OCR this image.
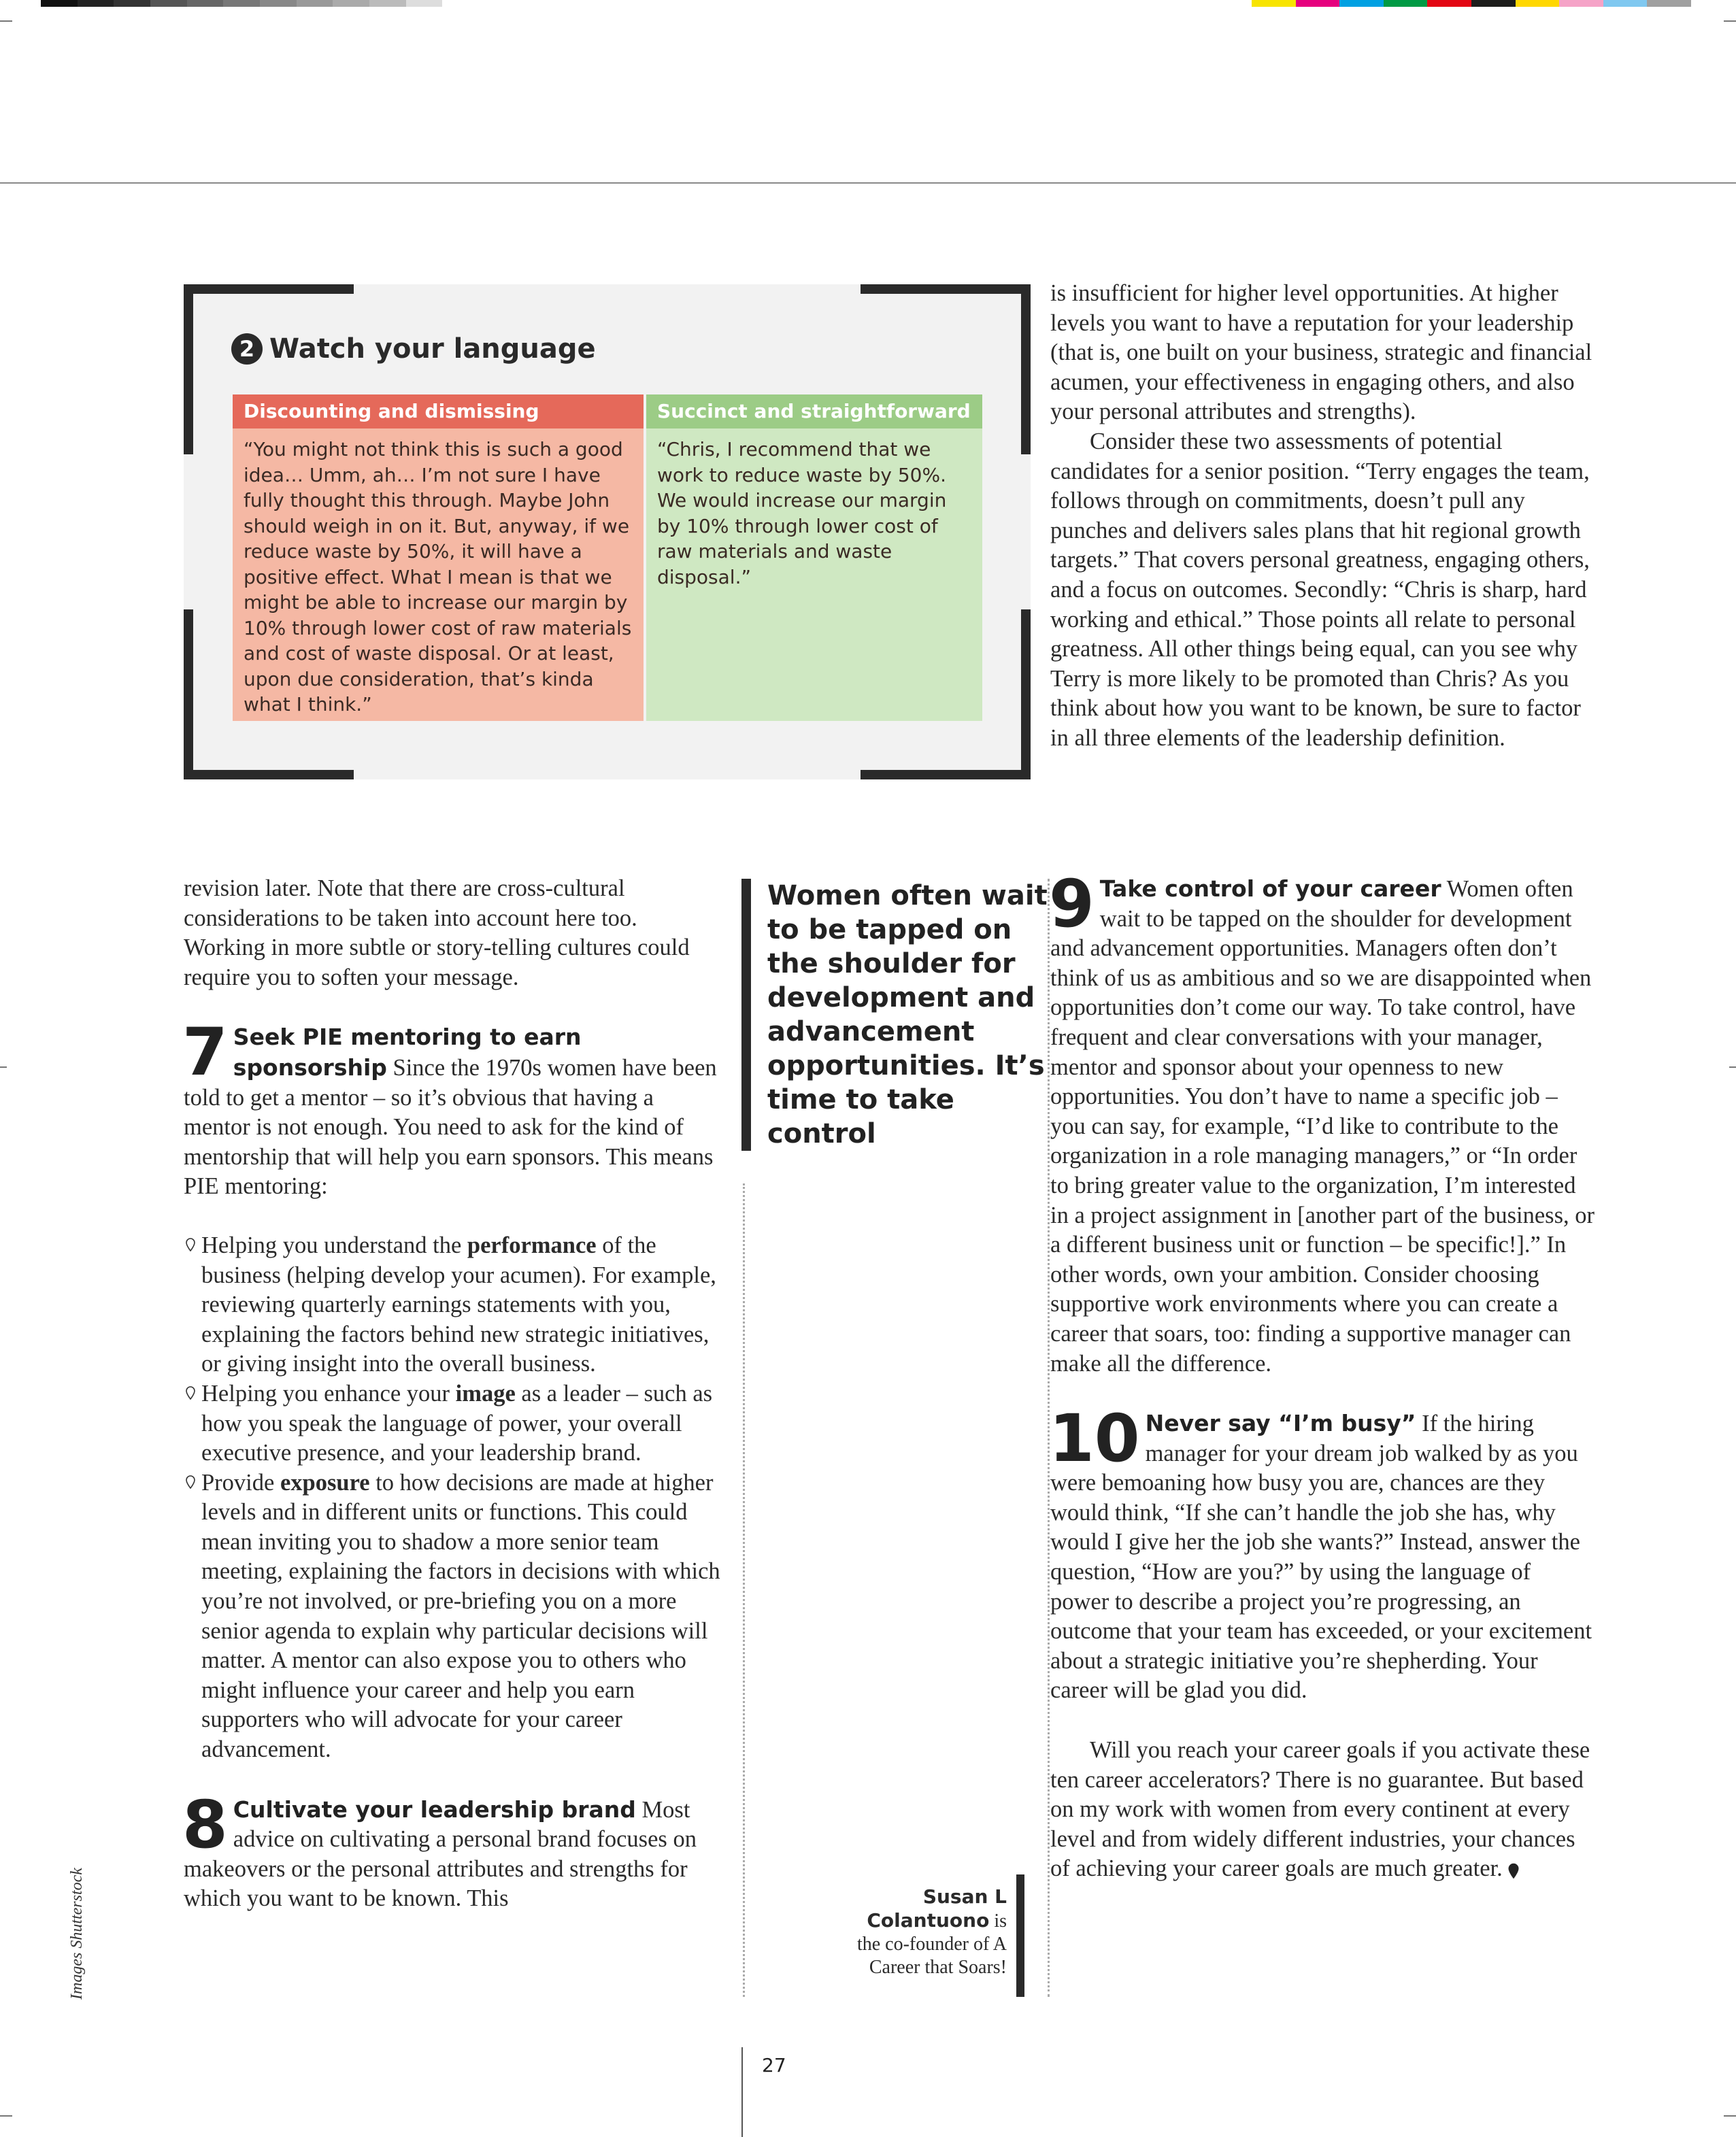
2 Watch your language
Discounting and dismissing
“You might not think this is such a good idea… Umm, ah… I’m not sure I have fully thought this through. Maybe John should weigh in on it. But, anyway, if we reduce waste by 50%, it will have a positive effect. What I mean is that we might be able to increase our margin by 10% through lower cost of raw materials and cost of waste disposal. Or at least, upon due consideration, that’s kinda what I think.”
Succinct and straightforward
“Chris, I recommend that we work to reduce waste by 50%. We would increase our margin by 10% through lower cost of raw materials and waste disposal.”

is insufficient for higher level opportunities. At higher levels you want to have a reputation for your leadership (that is, one built on your business, strategic and financial acumen, your effectiveness in engaging others, and also your personal attributes and strengths).

Consider these two assessments of potential candidates for a senior position. “Terry engages the team, follows through on commitments, doesn’t pull any punches and delivers sales plans that hit regional growth targets.” That covers personal greatness, engaging others, and a focus on outcomes. Secondly: “Chris is sharp, hard working and ethical.” Those points all relate to personal greatness. All other things being equal, can you see why Terry is more likely to be promoted than Chris? As you think about how you want to be known, be sure to factor in all three elements of the leadership definition.

revision later. Note that there are cross-cultural considerations to be taken into account here too. Working in more subtle or story-telling cultures could require you to soften your message.

7 Seek PIE mentoring to earn sponsorship Since the 1970s women have been told to get a mentor – so it’s obvious that having a mentor is not enough. You need to ask for the kind of mentorship that will help you earn sponsors. This means PIE mentoring:
Helping you understand the performance of the business (helping develop your acumen). For example, reviewing quarterly earnings statements with you, explaining the factors behind new strategic initiatives, or giving insight into the overall business.
Helping you enhance your image as a leader – such as how you speak the language of power, your overall executive presence, and your leadership brand.
Provide exposure to how decisions are made at higher levels and in different units or functions. This could mean inviting you to shadow a more senior team meeting, explaining the factors in decisions with which you’re not involved, or pre-briefing you on a more senior agenda to explain why particular decisions will matter. A mentor can also expose you to others who might influence your career and help you earn supporters who will advocate for your career advancement.
8 Cultivate your leadership brand Most advice on cultivating a personal brand focuses on makeovers or the personal attributes and strengths for which you want to be known. This
Images Shutterstock
Women often wait to be tapped on the shoulder for development and advancement opportunities. It’s time to take control
Susan L Colantuono is the co-founder of A Career that Soars!
9 Take control of your career Women often wait to be tapped on the shoulder for development and advancement opportunities. Managers often don’t think of us as ambitious and so we are disappointed when opportunities don’t come our way. To take control, have frequent and clear conversations with your manager, mentor and sponsor about your openness to new opportunities. You don’t have to name a specific job – you can say, for example, “I’d like to contribute to the organization in a role managing managers,” or “In order to bring greater value to the organization, I’m interested in a project assignment in [another part of the business, or a different business unit or function – be specific!].” In other words, own your ambition. Consider choosing supportive work environments where you can create a career that soars, too: finding a supportive manager can make all the difference.
10 Never say “I’m busy” If the hiring manager for your dream job walked by as you were bemoaning how busy you are, chances are they would think, “If she can’t handle the job she has, why would I give her the job she wants?” Instead, answer the question, “How are you?” by using the language of power to describe a project you’re progressing, an outcome that your team has exceeded, or your excitement about a strategic initiative you’re shepherding. Your career will be glad you did.

Will you reach your career goals if you activate these ten career accelerators? There is no guarantee. But based on my work with women from every continent at every level and from widely different industries, your chances of achieving your career goals are much greater.

27
